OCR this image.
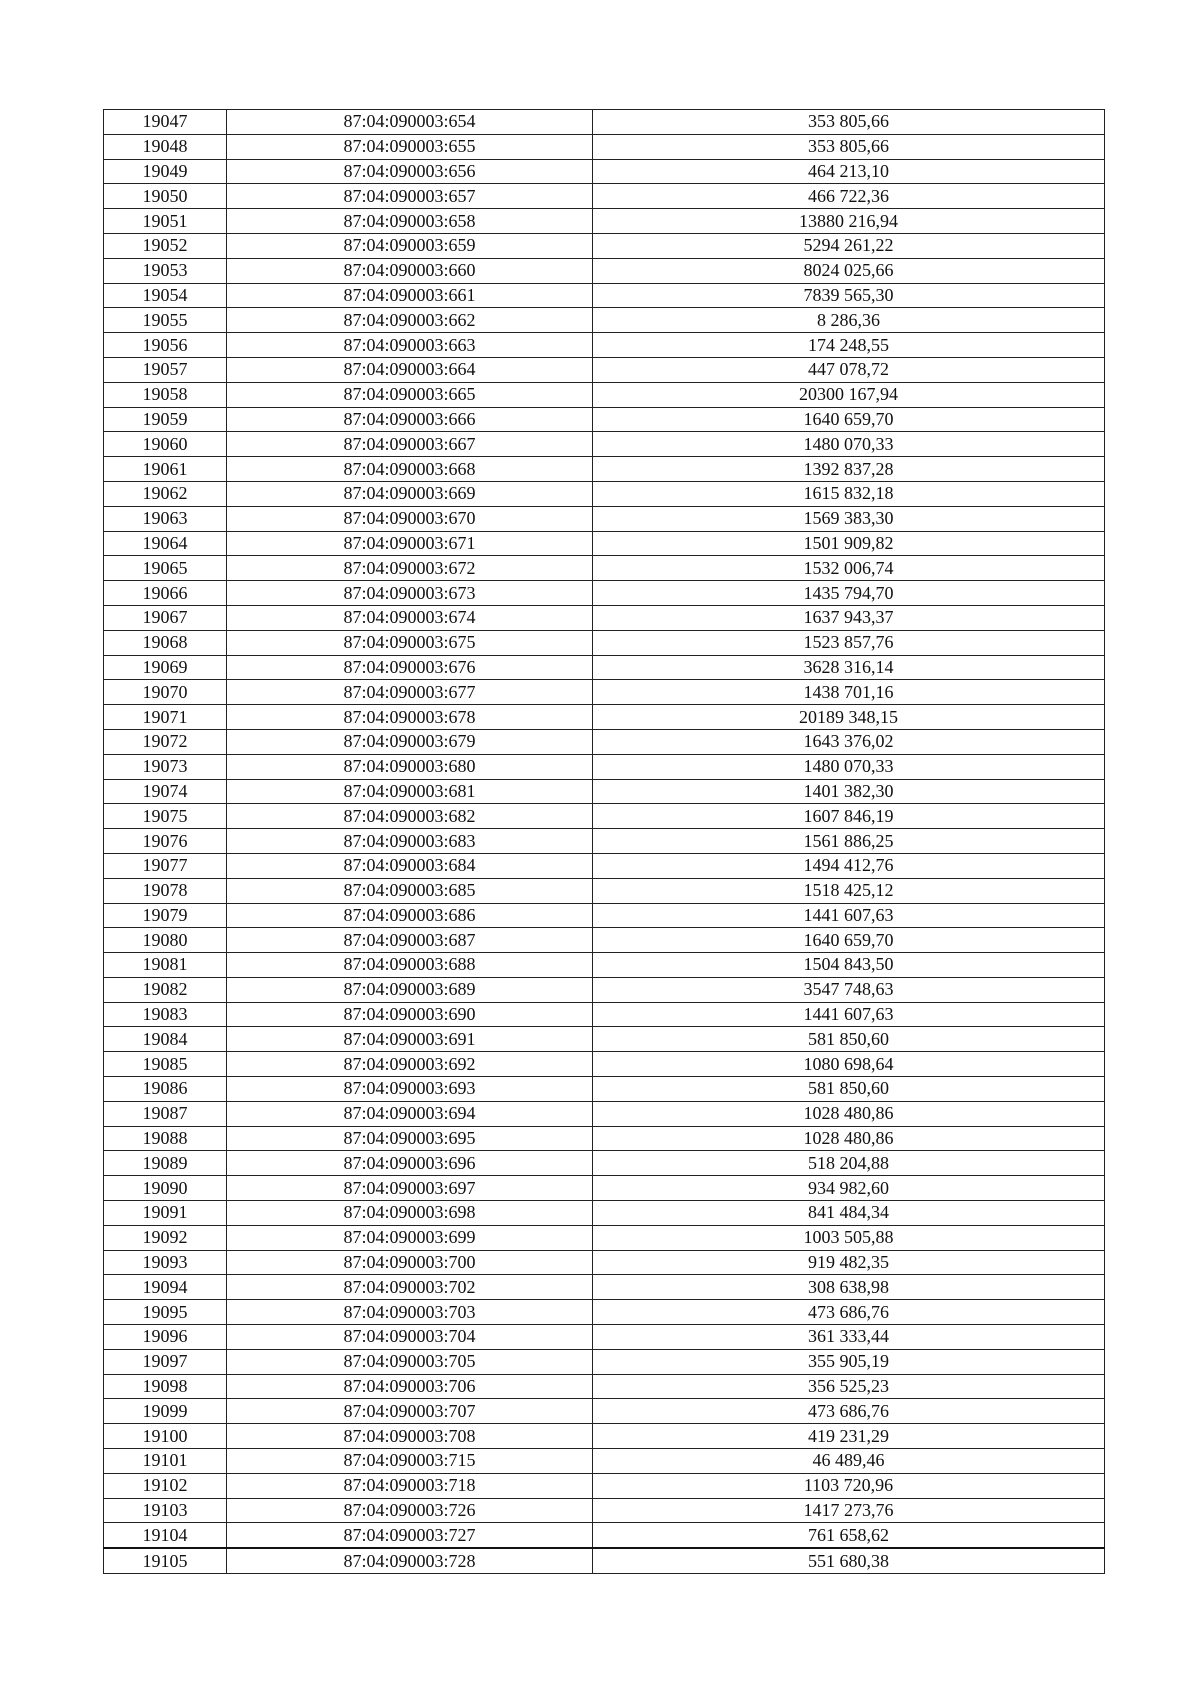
19047	87:04:090003:654	353 805,66
19048	87:04:090003:655	353 805,66
19049	87:04:090003:656	464 213,10
19050	87:04:090003:657	466 722,36
19051	87:04:090003:658	13880 216,94
19052	87:04:090003:659	5294 261,22
19053	87:04:090003:660	8024 025,66
19054	87:04:090003:661	7839 565,30
19055	87:04:090003:662	8 286,36
19056	87:04:090003:663	174 248,55
19057	87:04:090003:664	447 078,72
19058	87:04:090003:665	20300 167,94
19059	87:04:090003:666	1640 659,70
19060	87:04:090003:667	1480 070,33
19061	87:04:090003:668	1392 837,28
19062	87:04:090003:669	1615 832,18
19063	87:04:090003:670	1569 383,30
19064	87:04:090003:671	1501 909,82
19065	87:04:090003:672	1532 006,74
19066	87:04:090003:673	1435 794,70
19067	87:04:090003:674	1637 943,37
19068	87:04:090003:675	1523 857,76
19069	87:04:090003:676	3628 316,14
19070	87:04:090003:677	1438 701,16
19071	87:04:090003:678	20189 348,15
19072	87:04:090003:679	1643 376,02
19073	87:04:090003:680	1480 070,33
19074	87:04:090003:681	1401 382,30
19075	87:04:090003:682	1607 846,19
19076	87:04:090003:683	1561 886,25
19077	87:04:090003:684	1494 412,76
19078	87:04:090003:685	1518 425,12
19079	87:04:090003:686	1441 607,63
19080	87:04:090003:687	1640 659,70
19081	87:04:090003:688	1504 843,50
19082	87:04:090003:689	3547 748,63
19083	87:04:090003:690	1441 607,63
19084	87:04:090003:691	581 850,60
19085	87:04:090003:692	1080 698,64
19086	87:04:090003:693	581 850,60
19087	87:04:090003:694	1028 480,86
19088	87:04:090003:695	1028 480,86
19089	87:04:090003:696	518 204,88
19090	87:04:090003:697	934 982,60
19091	87:04:090003:698	841 484,34
19092	87:04:090003:699	1003 505,88
19093	87:04:090003:700	919 482,35
19094	87:04:090003:702	308 638,98
19095	87:04:090003:703	473 686,76
19096	87:04:090003:704	361 333,44
19097	87:04:090003:705	355 905,19
19098	87:04:090003:706	356 525,23
19099	87:04:090003:707	473 686,76
19100	87:04:090003:708	419 231,29
19101	87:04:090003:715	46 489,46
19102	87:04:090003:718	1103 720,96
19103	87:04:090003:726	1417 273,76
19104	87:04:090003:727	761 658,62
19105	87:04:090003:728	551 680,38
